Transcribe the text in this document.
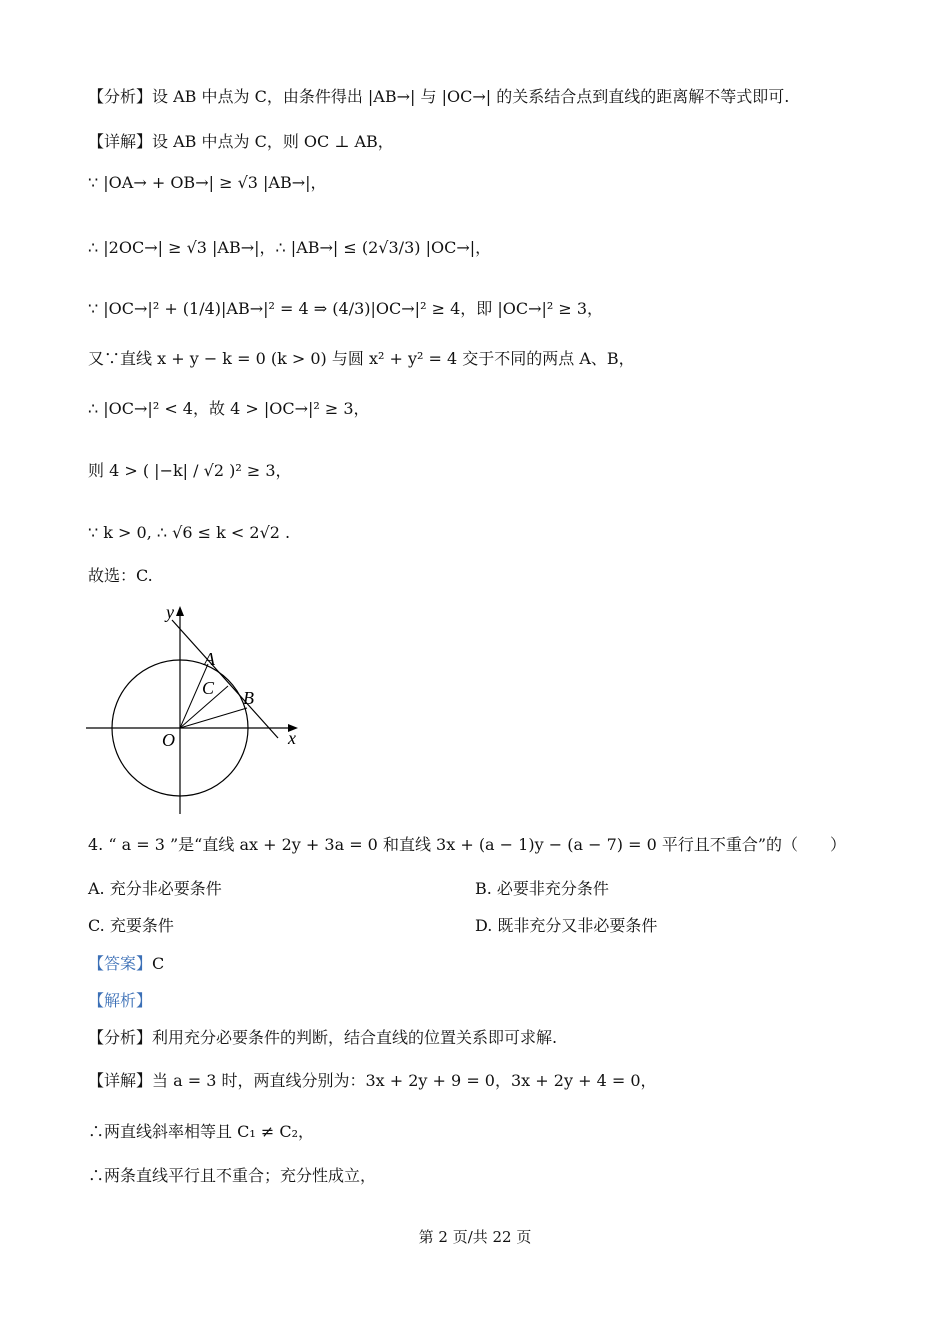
【分析】设 AB 中点为 C，由条件得出 |AB→| 与 |OC→| 的关系结合点到直线的距离解不等式即可.
【详解】设 AB 中点为 C，则 OC ⊥ AB，
∵ |OA→ + OB→| ≥ √3 |AB→|，
∴ |2OC→| ≥ √3 |AB→|，∴ |AB→| ≤ (2√3/3) |OC→|，
∵ |OC→|² + (1/4)|AB→|² = 4 ⇒ (4/3)|OC→|² ≥ 4，即 |OC→|² ≥ 3，
又∵直线 x + y − k = 0 (k > 0) 与圆 x² + y² = 4 交于不同的两点 A、B，
∴ |OC→|² < 4，故 4 > |OC→|² ≥ 3，
则 4 > ( |−k| / √2 )² ≥ 3，
∵ k > 0, ∴ √6 ≤ k < 2√2 .
故选：C.
y
x
O
A
C B
4. “ a = 3 ”是“直线 ax + 2y + 3a = 0 和直线 3x + (a − 1)y − (a − 7) = 0 平行且不重合”的（　　）
A. 充分非必要条件	B. 必要非充分条件
C. 充要条件	D. 既非充分又非必要条件
【答案】C
【解析】
【分析】利用充分必要条件的判断，结合直线的位置关系即可求解.
【详解】当 a = 3 时，两直线分别为：3x + 2y + 9 = 0，3x + 2y + 4 = 0，
∴两直线斜率相等且 C₁ ≠ C₂，
∴两条直线平行且不重合；充分性成立，
第 2 页/共 22 页
